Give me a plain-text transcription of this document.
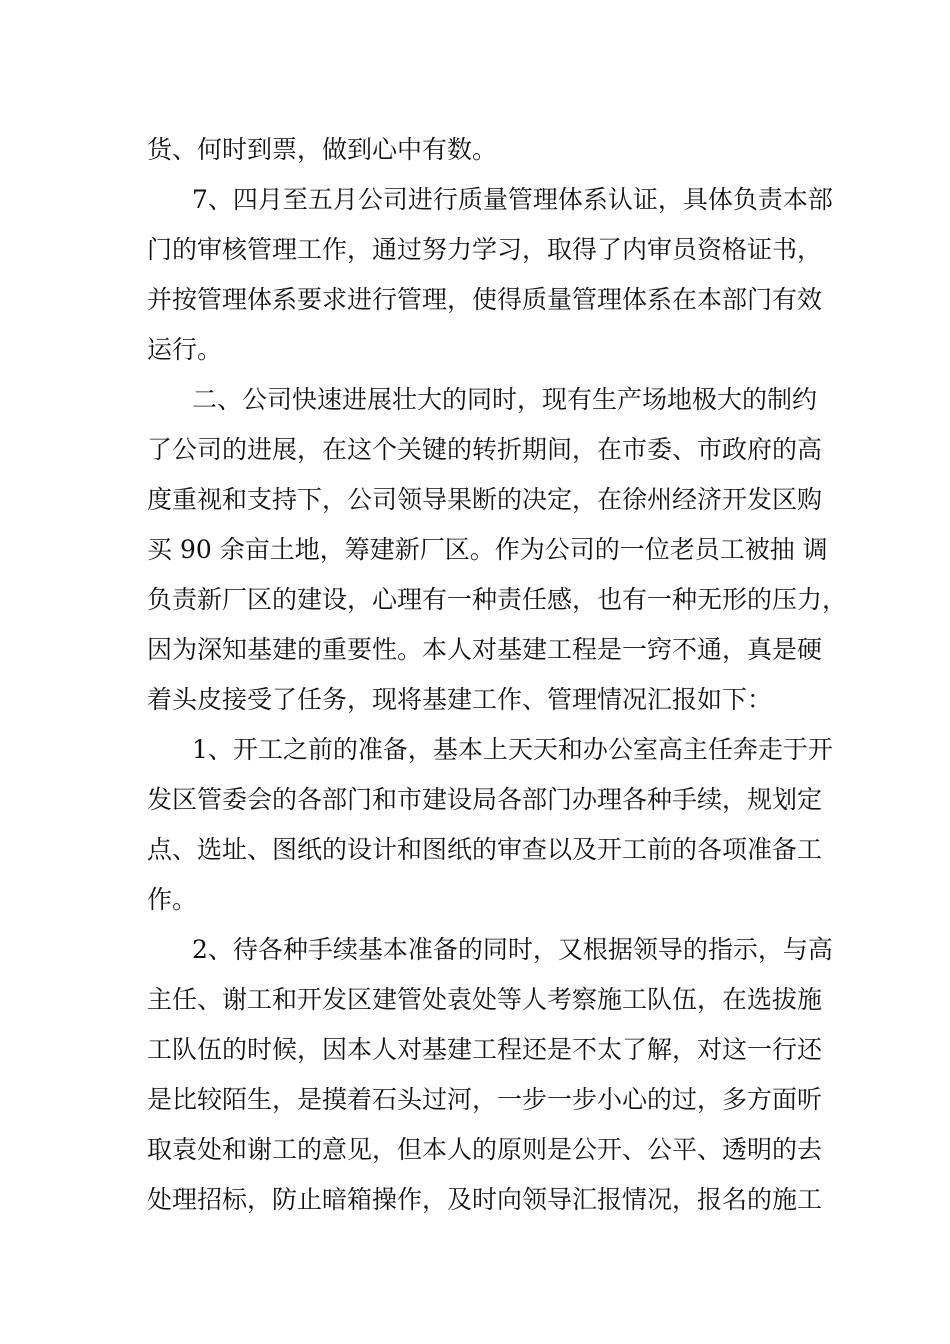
货、何时到票，做到心中有数。
7、四月至五月公司进行质量管理体系认证，具体负责本部
门的审核管理工作，通过努力学习，取得了内审员资格证书，
并按管理体系要求进行管理，使得质量管理体系在本部门有效
运行。
二、公司快速进展壮大的同时，现有生产场地极大的制约
了公司的进展，在这个关键的转折期间，在市委、市政府的高
度重视和支持下，公司领导果断的决定，在徐州经济开发区购
买 90 余亩土地，筹建新厂区。作为公司的一位老员工被抽 调
负责新厂区的建设，心理有一种责任感，也有一种无形的压力，
因为深知基建的重要性。本人对基建工程是一窍不通，真是硬
着头皮接受了任务，现将基建工作、管理情况汇报如下：
1、开工之前的准备，基本上天天和办公室高主任奔走于开
发区管委会的各部门和市建设局各部门办理各种手续，规划定
点、选址、图纸的设计和图纸的审查以及开工前的各项准备工
作。
2、待各种手续基本准备的同时，又根据领导的指示，与高
主任、谢工和开发区建管处袁处等人考察施工队伍，在选拔施
工队伍的时候，因本人对基建工程还是不太了解，对这一行还
是比较陌生，是摸着石头过河，一步一步小心的过，多方面听
取袁处和谢工的意见，但本人的原则是公开、公平、透明的去
处理招标，防止暗箱操作，及时向领导汇报情况，报名的施工
